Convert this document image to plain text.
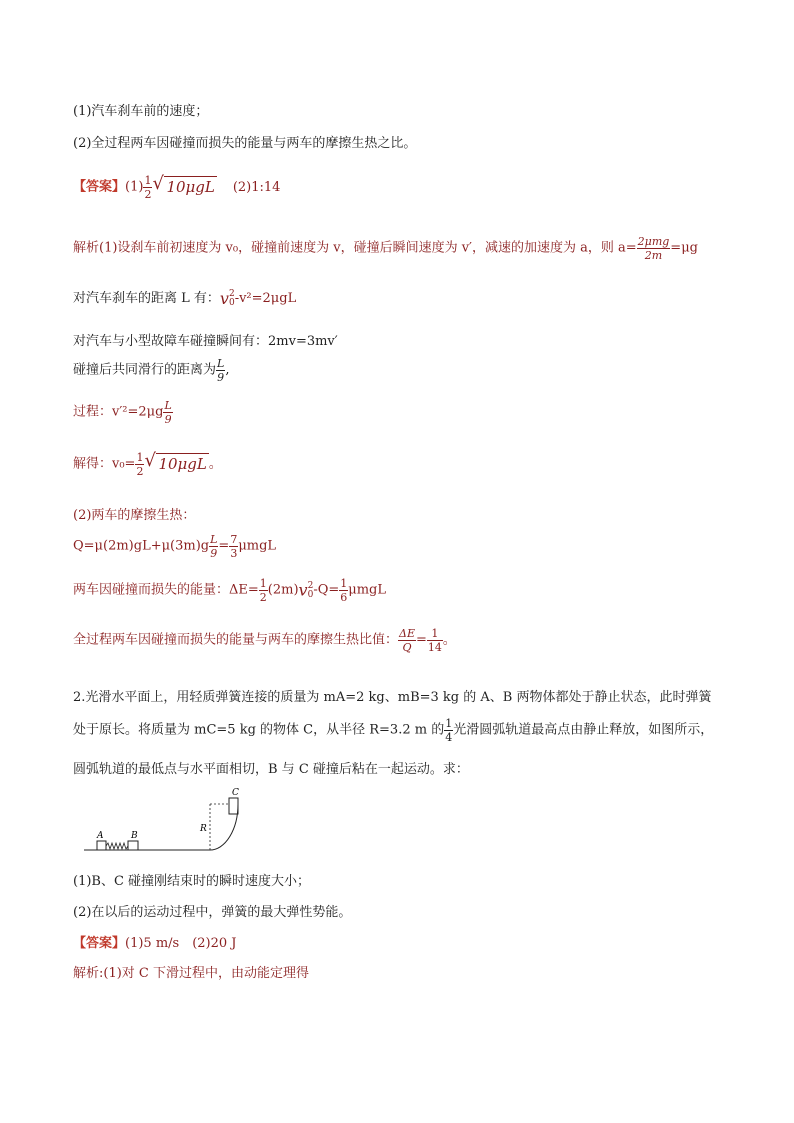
(1)汽车刹车前的速度；
(2)全过程两车因碰撞而损失的能量与两车的摩擦生热之比。
【答案】$(1) \frac{1}{2}$ √ 10μgL (2)1:14
解析(1)设刹车前初速度为 v₀，碰撞前速度为 v，碰撞后瞬间速度为 v′，减速的加速度为 a，则 $a= \frac{\text{2μmg}}{2m} =\mu g$
对汽车刹车的距离 L 有：v 2
0 -v²=2μgL
对汽车与小型故障车碰撞瞬间有：2mv=3mv′
碰撞后共同滑行的距离为 $\frac{L}{9}$ ,
过程：$v'^2=2\mu g \frac{L}{9}$
解得：$v_0= \frac{1}{2}$ √ 10μgL 。
(2)两车的摩擦生热：
$Q=\mu(2m)gL+\mu(3m)g \frac{L}{9} = \frac{7}{3}$ μmgL
两车因碰撞而损失的能量：$\Delta E= \frac{1}{2} (2m)v$ 2
0 $-Q= \frac{1}{6}$ μmgL
全过程两车因碰撞而损失的能量与两车的摩擦生热比值： $\frac{\Delta E}{Q} = \frac{1}{14}$ 。
2.光滑水平面上，用轻质弹簧连接的质量为 mA=2 kg、mB=3 kg 的 A、B 两物体都处于静止状态，此时弹簧
处于原长。将质量为 mC=5 kg 的物体 C，从半径 R=3.2 m 的 $\frac{1}{4}$ 光滑圆弧轨道最高点由静止释放，如图所示，
圆弧轨道的最低点与水平面相切，B 与 C 碰撞后粘在一起运动。求：
A	B
C
R
(1)B、C 碰撞刚结束时的瞬时速度大小；
(2)在以后的运动过程中，弹簧的最大弹性势能。
【答案】(1)5 m/s　(2)20 J
解析:(1)对 C 下滑过程中，由动能定理得
